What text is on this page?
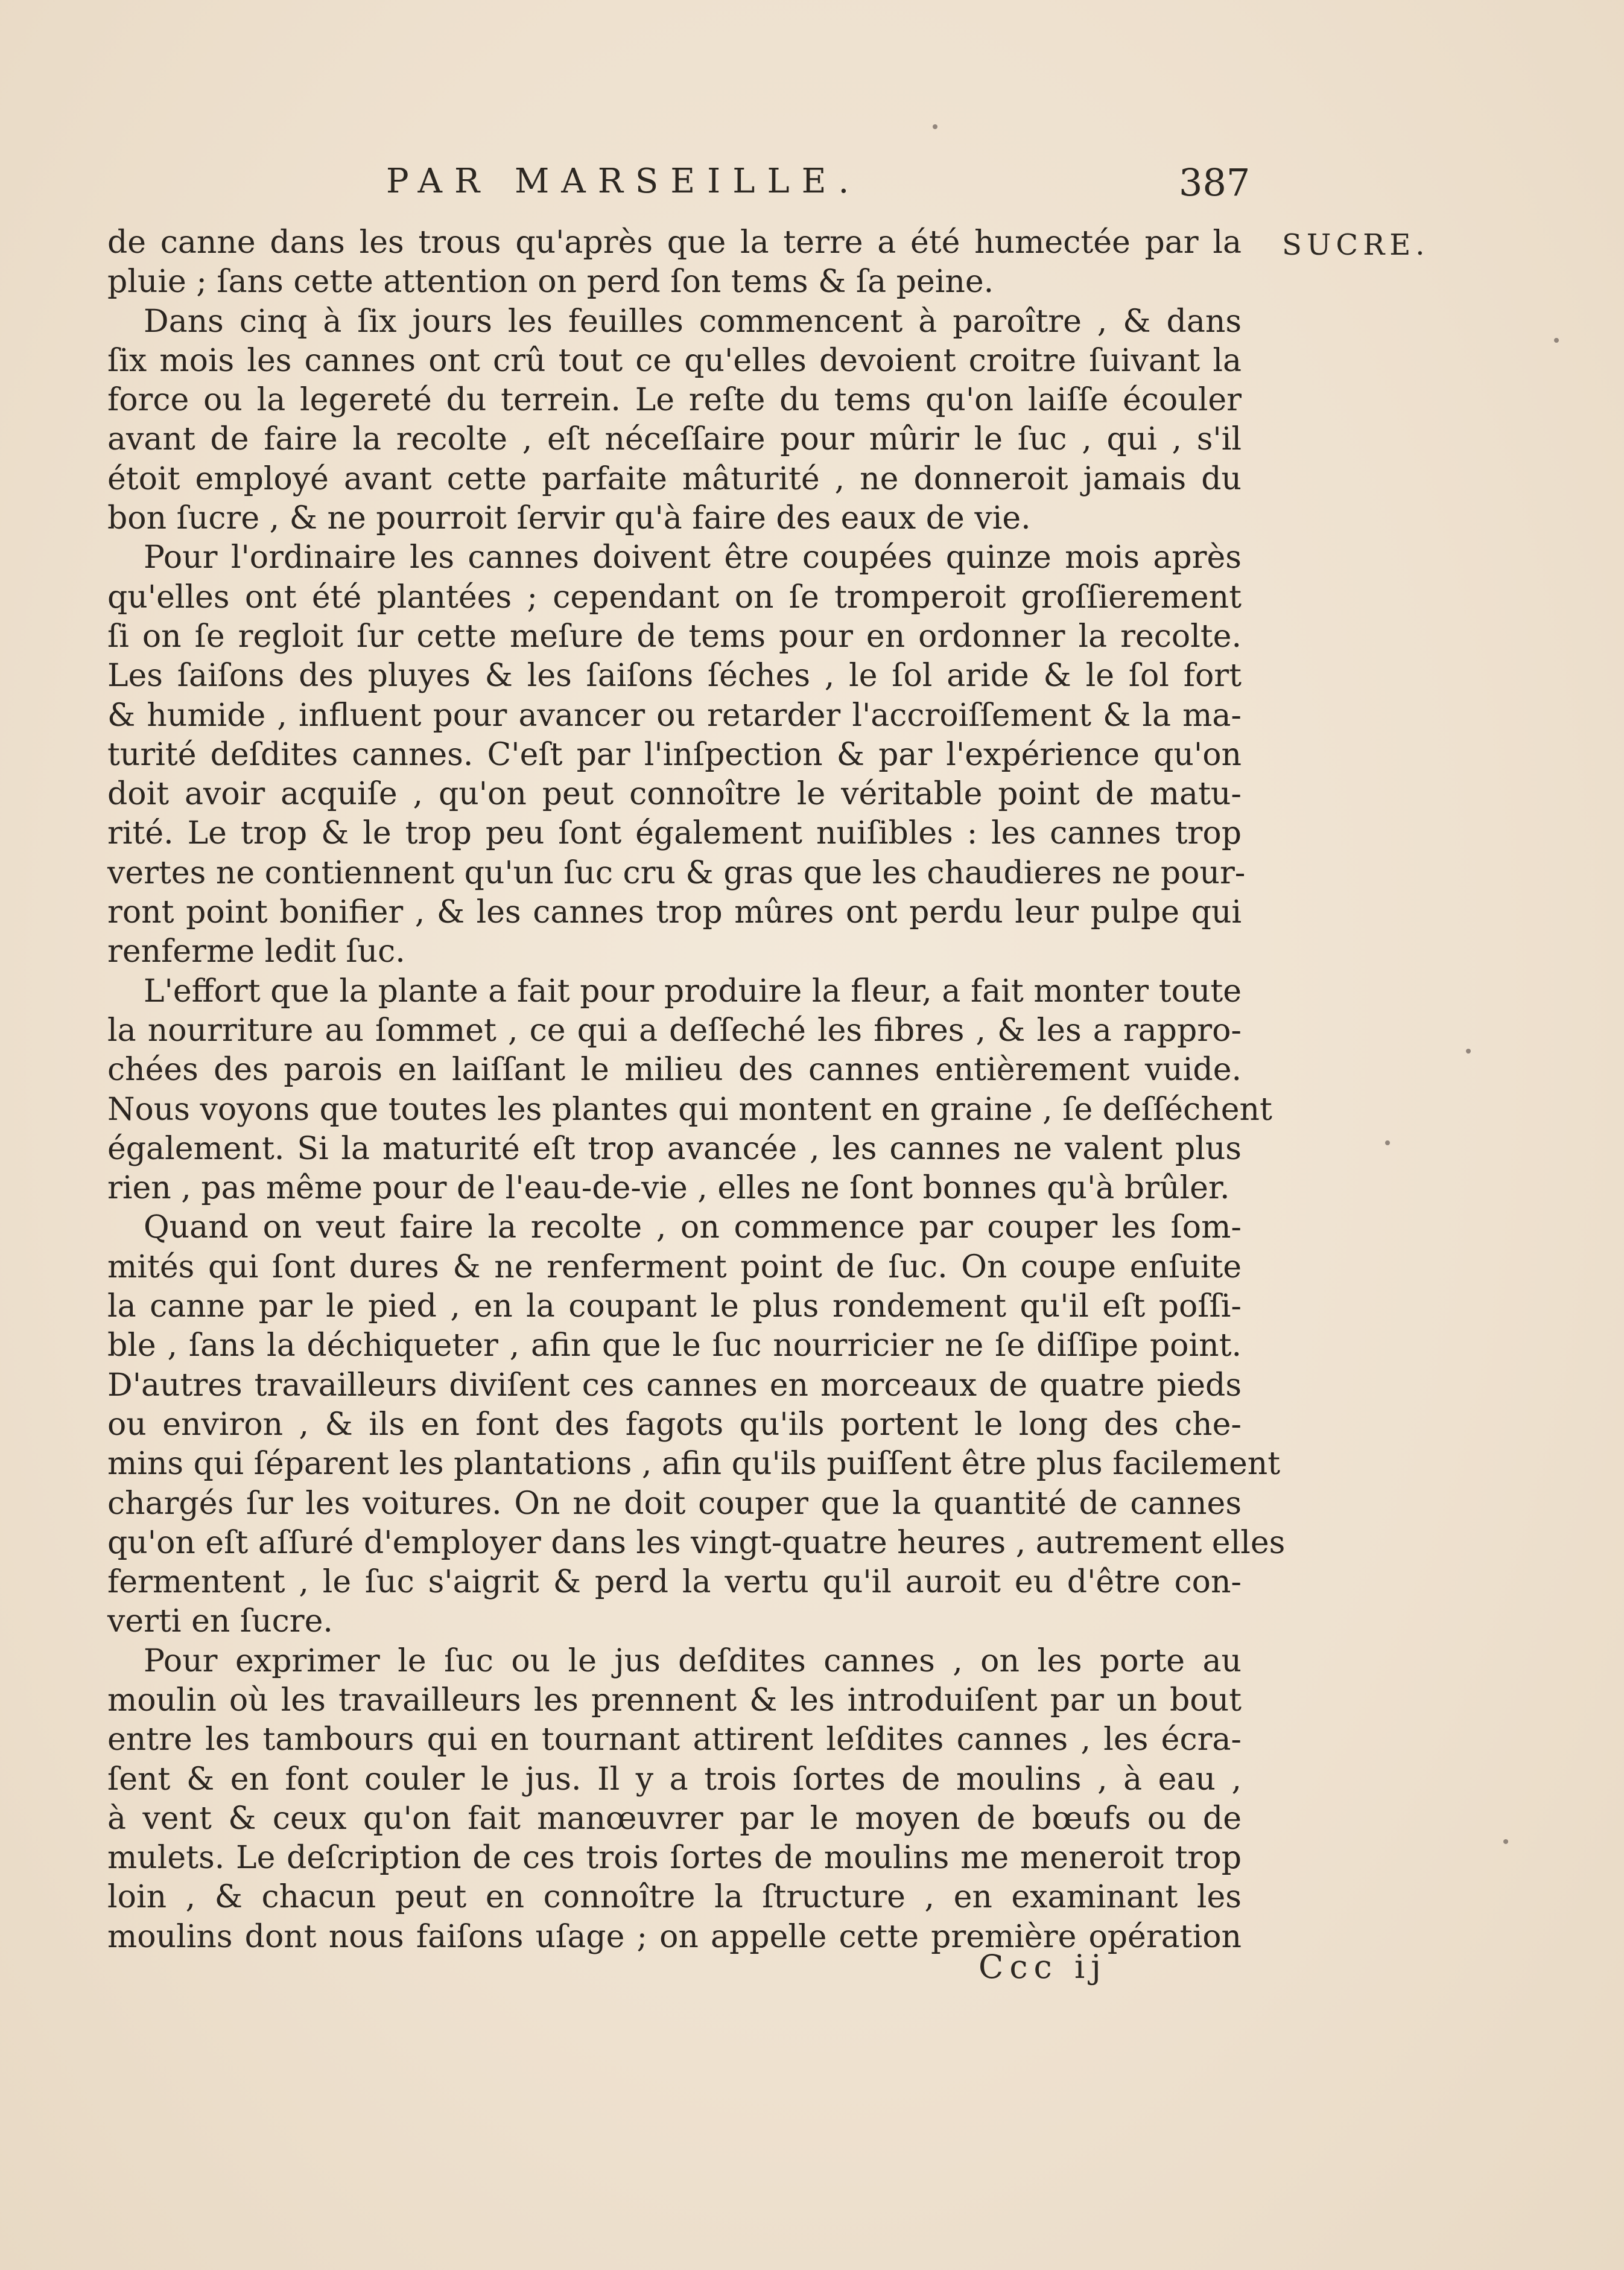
PAR MARSEILLE.	387
SUCRE.
de canne dans les trous qu'après que la terre a été humectée par la
pluie ; ſans cette attention on perd ſon tems & ſa peine.
Dans cinq à ſix jours les feuilles commencent à paroître , & dans
ſix mois les cannes ont crû tout ce qu'elles devoient croitre ſuivant la
force ou la legereté du terrein. Le reſte du tems qu'on laiſſe écouler
avant de faire la recolte , eſt néceſſaire pour mûrir le ſuc , qui , s'il
étoit employé avant cette parfaite mâturité , ne donneroit jamais du
bon ſucre , & ne pourroit ſervir qu'à faire des eaux de vie.
Pour l'ordinaire les cannes doivent être coupées quinze mois après
qu'elles ont été plantées ; cependant on ſe tromperoit groſſierement
ſi on ſe regloit ſur cette meſure de tems pour en ordonner la recolte.
Les ſaiſons des pluyes & les ſaiſons ſéches , le ſol aride & le ſol fort
& humide , influent pour avancer ou retarder l'accroiſſement & la ma-
turité deſdites cannes. C'eſt par l'inſpection & par l'expérience qu'on
doit avoir acquiſe , qu'on peut connoître le véritable point de matu-
rité. Le trop & le trop peu ſont également nuiſibles : les cannes trop
vertes ne contiennent qu'un ſuc cru & gras que les chaudieres ne pour-
ront point bonifier , & les cannes trop mûres ont perdu leur pulpe qui
renferme ledit ſuc.
L'effort que la plante a fait pour produire la fleur, a fait monter toute
la nourriture au ſommet , ce qui a deſſeché les fibres , & les a rappro-
chées des parois en laiſſant le milieu des cannes entièrement vuide.
Nous voyons que toutes les plantes qui montent en graine , ſe deſſéchent
également. Si la maturité eſt trop avancée , les cannes ne valent plus
rien , pas même pour de l'eau-de-vie , elles ne ſont bonnes qu'à brûler.
Quand on veut faire la recolte , on commence par couper les ſom-
mités qui ſont dures & ne renferment point de ſuc. On coupe enſuite
la canne par le pied , en la coupant le plus rondement qu'il eſt poſſi-
ble , ſans la déchiqueter , afin que le ſuc nourricier ne ſe diſſipe point.
D'autres travailleurs diviſent ces cannes en morceaux de quatre pieds
ou environ , & ils en font des fagots qu'ils portent le long des che-
mins qui ſéparent les plantations , afin qu'ils puiſſent être plus facilement
chargés ſur les voitures. On ne doit couper que la quantité de cannes
qu'on eſt aſſuré d'employer dans les vingt-quatre heures , autrement elles
fermentent , le ſuc s'aigrit & perd la vertu qu'il auroit eu d'être con-
verti en ſucre.
Pour exprimer le ſuc ou le jus deſdites cannes , on les porte au
moulin où les travailleurs les prennent & les introduiſent par un bout
entre les tambours qui en tournant attirent leſdites cannes , les écra-
ſent & en font couler le jus. Il y a trois ſortes de moulins , à eau ,
à vent & ceux qu'on fait manœuvrer par le moyen de bœufs ou de
mulets. Le deſcription de ces trois ſortes de moulins me meneroit trop
loin , & chacun peut en connoître la ſtructure , en examinant les
moulins dont nous faiſons uſage ; on appelle cette première opération
Ccc ij
